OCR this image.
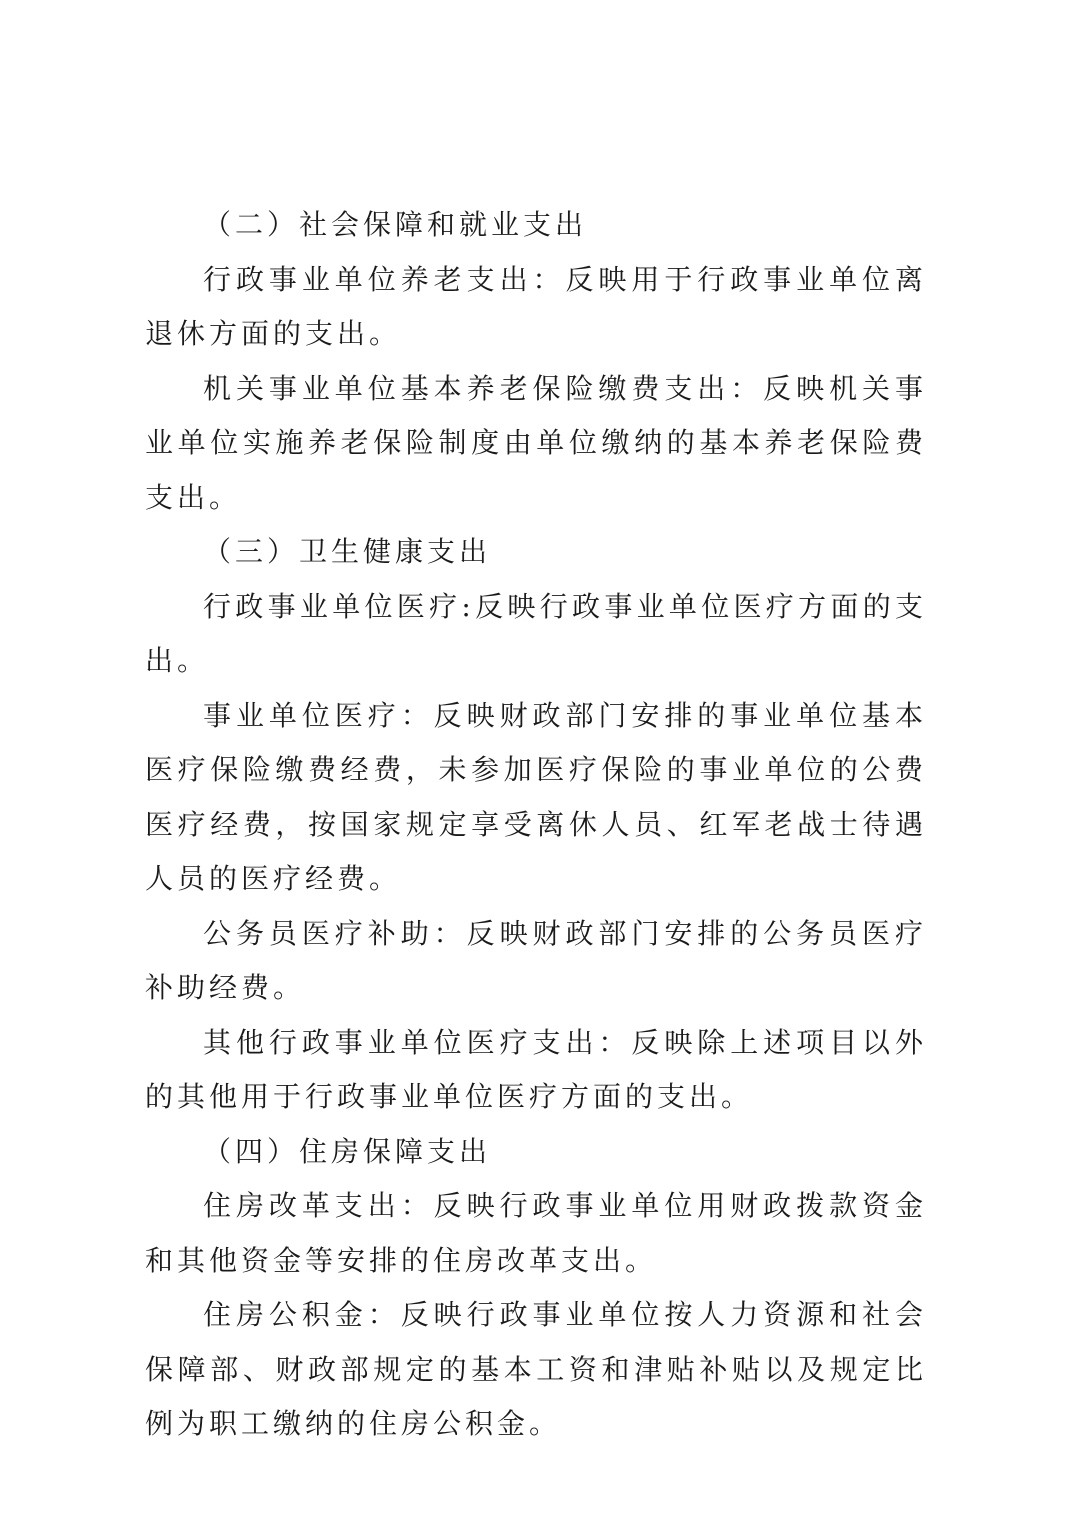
（二）社会保障和就业支出

行政事业单位养老支出：反映用于行政事业单位离退休方面的支出。

机关事业单位基本养老保险缴费支出：反映机关事业单位实施养老保险制度由单位缴纳的基本养老保险费支出。

（三）卫生健康支出

行政事业单位医疗:反映行政事业单位医疗方面的支出。

事业单位医疗：反映财政部门安排的事业单位基本医疗保险缴费经费，未参加医疗保险的事业单位的公费医疗经费，按国家规定享受离休人员、红军老战士待遇人员的医疗经费。

公务员医疗补助：反映财政部门安排的公务员医疗补助经费。

其他行政事业单位医疗支出：反映除上述项目以外的其他用于行政事业单位医疗方面的支出。

（四）住房保障支出

住房改革支出：反映行政事业单位用财政拨款资金和其他资金等安排的住房改革支出。

住房公积金：反映行政事业单位按人力资源和社会保障部、财政部规定的基本工资和津贴补贴以及规定比例为职工缴纳的住房公积金。
